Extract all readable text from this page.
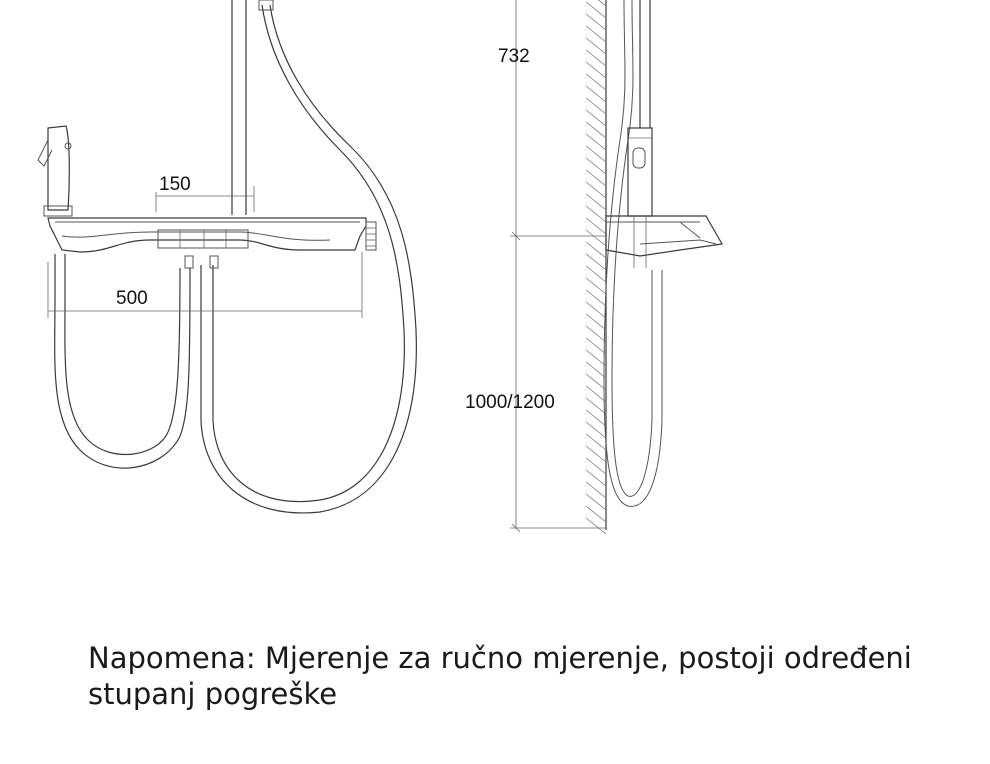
150
500
732
1000/1200

Napomena: Mjerenje za ručno mjerenje, postoji određeni stupanj pogreške
